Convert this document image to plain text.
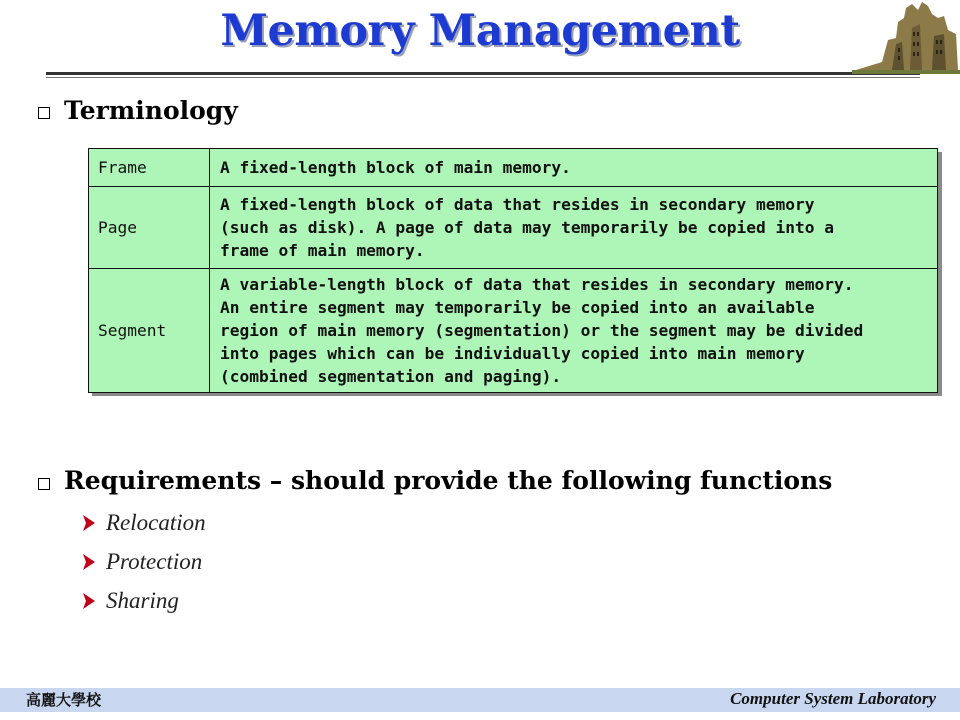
Memory Management
Terminology
Frame	A fixed-length block of main memory.
Page	A fixed-length block of data that resides in secondary memory
(such as disk). A page of data may temporarily be copied into a
frame of main memory.
Segment	A variable-length block of data that resides in secondary memory.
An entire segment may temporarily be copied into an available
region of main memory (segmentation) or the segment may be divided
into pages which can be individually copied into main memory
(combined segmentation and paging).
Requirements – should provide the following functions
Relocation
Protection
Sharing
高麗大學校	Computer System Laboratory
